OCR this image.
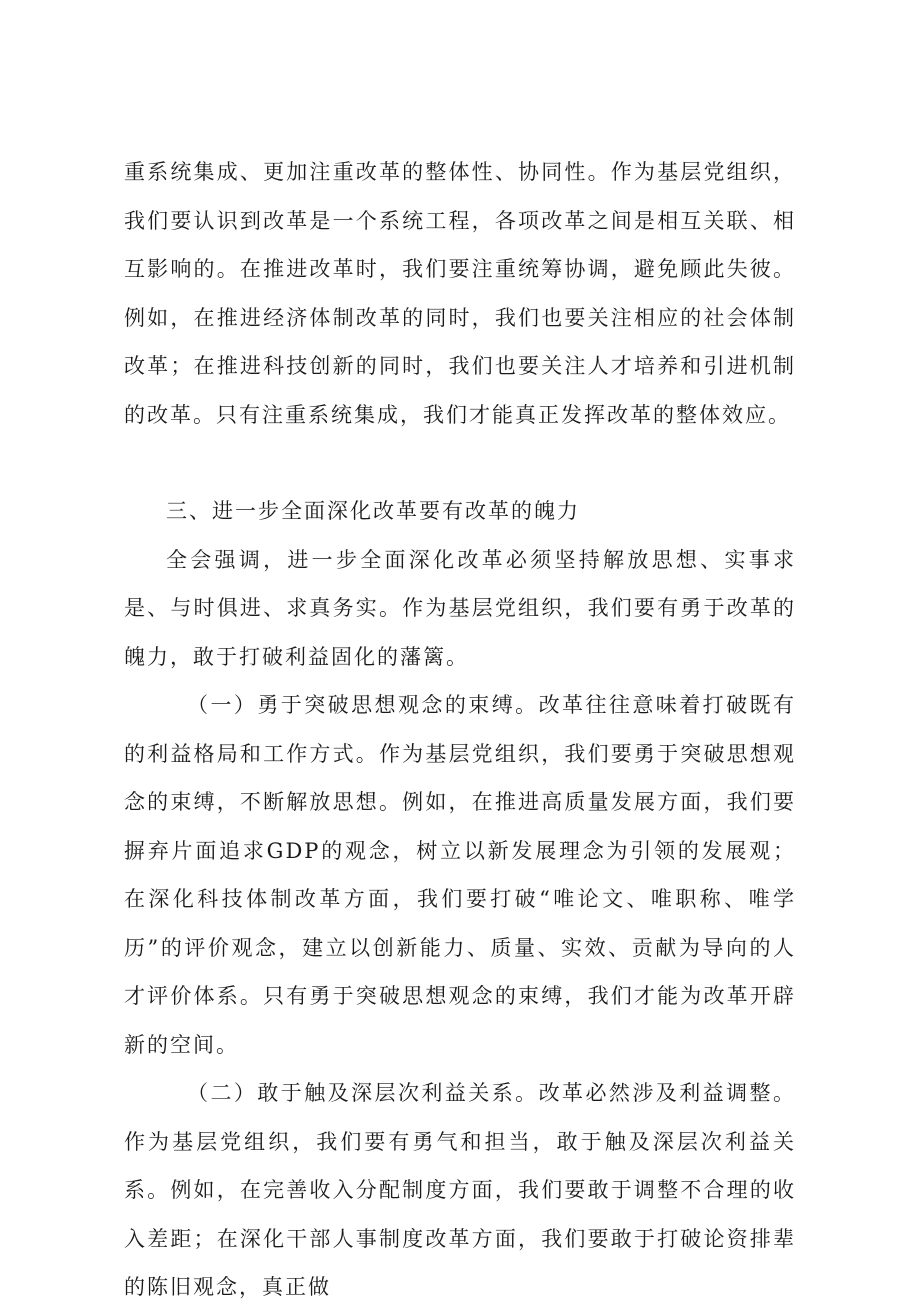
重系统集成、更加注重改革的整体性、协同性。作为基层党组织，我们要认识到改革是一个系统工程，各项改革之间是相互关联、相互影响的。在推进改革时，我们要注重统筹协调，避免顾此失彼。例如，在推进经济体制改革的同时，我们也要关注相应的社会体制改革；在推进科技创新的同时，我们也要关注人才培养和引进机制的改革。只有注重系统集成，我们才能真正发挥改革的整体效应。

三、进一步全面深化改革要有改革的魄力

全会强调，进一步全面深化改革必须坚持解放思想、实事求是、与时俱进、求真务实。作为基层党组织，我们要有勇于改革的魄力，敢于打破利益固化的藩篱。

（一）勇于突破思想观念的束缚。改革往往意味着打破既有的利益格局和工作方式。作为基层党组织，我们要勇于突破思想观念的束缚，不断解放思想。例如，在推进高质量发展方面，我们要摒弃片面追求GDP的观念，树立以新发展理念为引领的发展观；在深化科技体制改革方面，我们要打破“唯论文、唯职称、唯学历”的评价观念，建立以创新能力、质量、实效、贡献为导向的人才评价体系。只有勇于突破思想观念的束缚，我们才能为改革开辟新的空间。

（二）敢于触及深层次利益关系。改革必然涉及利益调整。作为基层党组织，我们要有勇气和担当，敢于触及深层次利益关系。例如，在完善收入分配制度方面，我们要敢于调整不合理的收入差距；在深化干部人事制度改革方面，我们要敢于打破论资排辈的陈旧观念，真正做
